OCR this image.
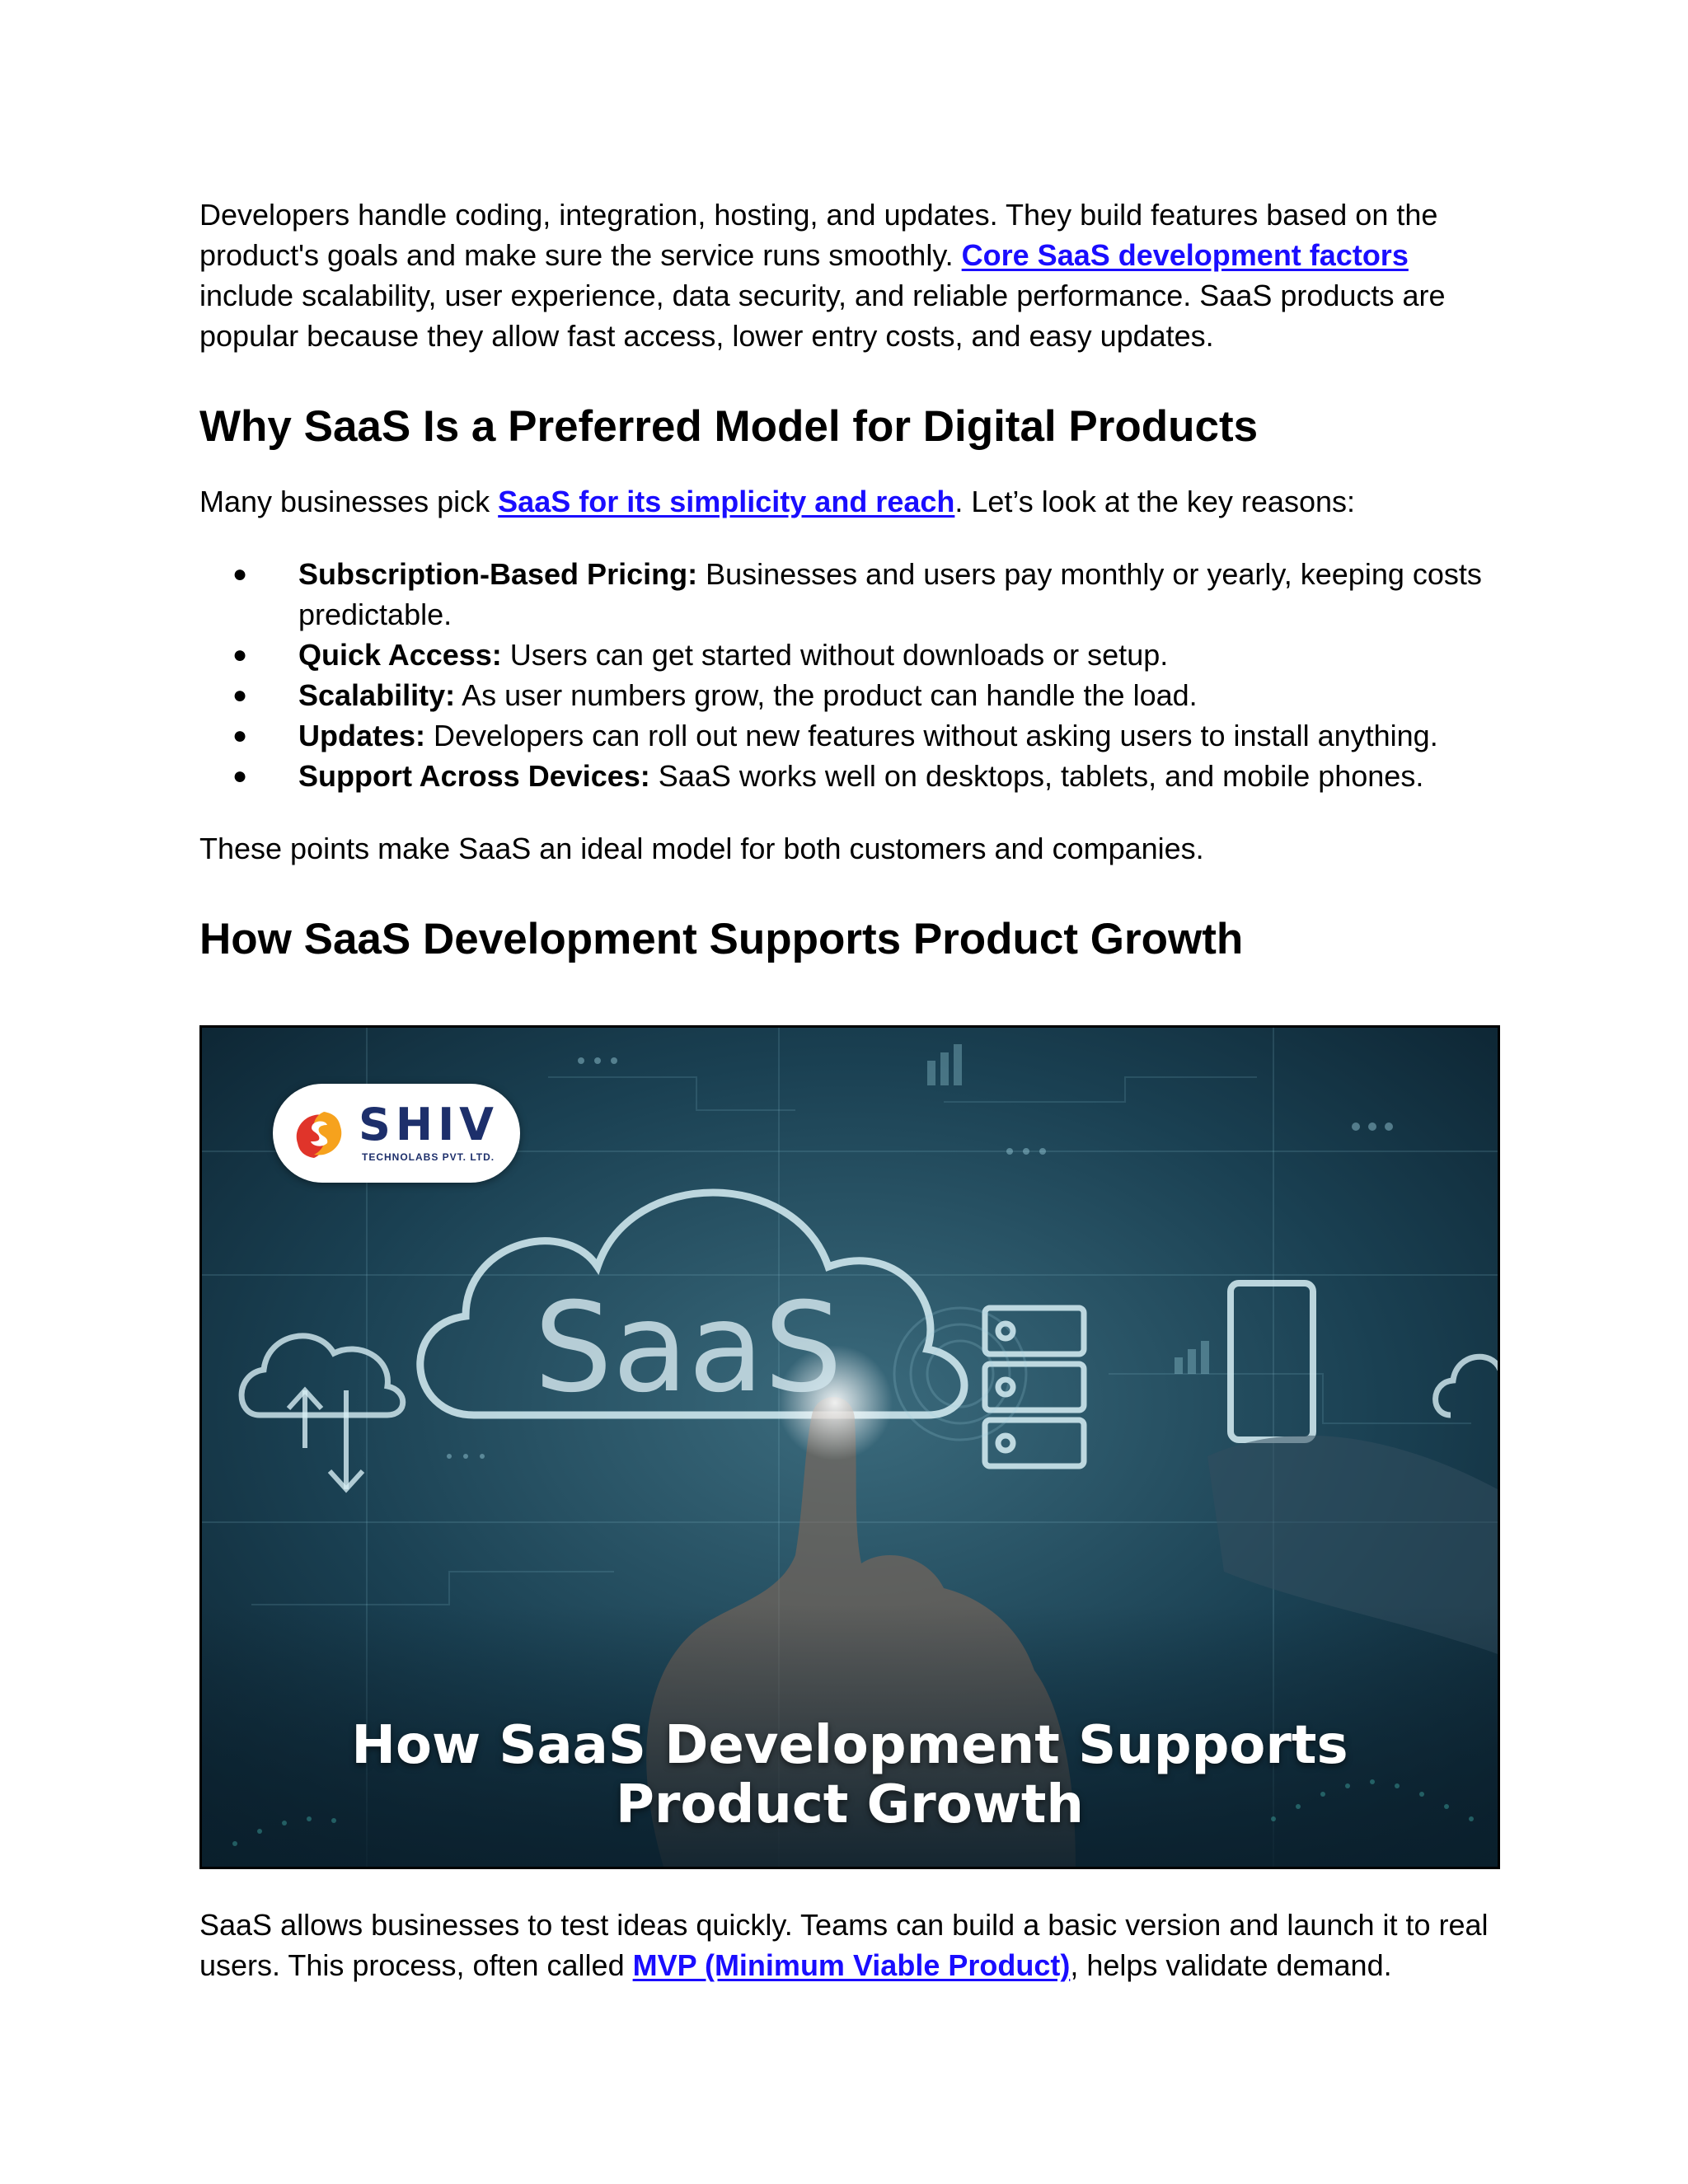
Developers handle coding, integration, hosting, and updates. They build features based on the product's goals and make sure the service runs smoothly. Core SaaS development factors include scalability, user experience, data security, and reliable performance. SaaS products are popular because they allow fast access, lower entry costs, and easy updates.

Why SaaS Is a Preferred Model for Digital Products

Many businesses pick SaaS for its simplicity and reach. Let’s look at the key reasons:

● Subscription-Based Pricing: Businesses and users pay monthly or yearly, keeping costs predictable.
● Quick Access: Users can get started without downloads or setup.
● Scalability: As user numbers grow, the product can handle the load.
● Updates: Developers can roll out new features without asking users to install anything.
● Support Across Devices: SaaS works well on desktops, tablets, and mobile phones.

These points make SaaS an ideal model for both customers and companies.

How SaaS Development Supports Product Growth
SaaS
SHIV
TECHNOLABS PVT. LTD.
How SaaS Development Supports
Product Growth

SaaS allows businesses to test ideas quickly. Teams can build a basic version and launch it to real users. This process, often called MVP (Minimum Viable Product), helps validate demand.
